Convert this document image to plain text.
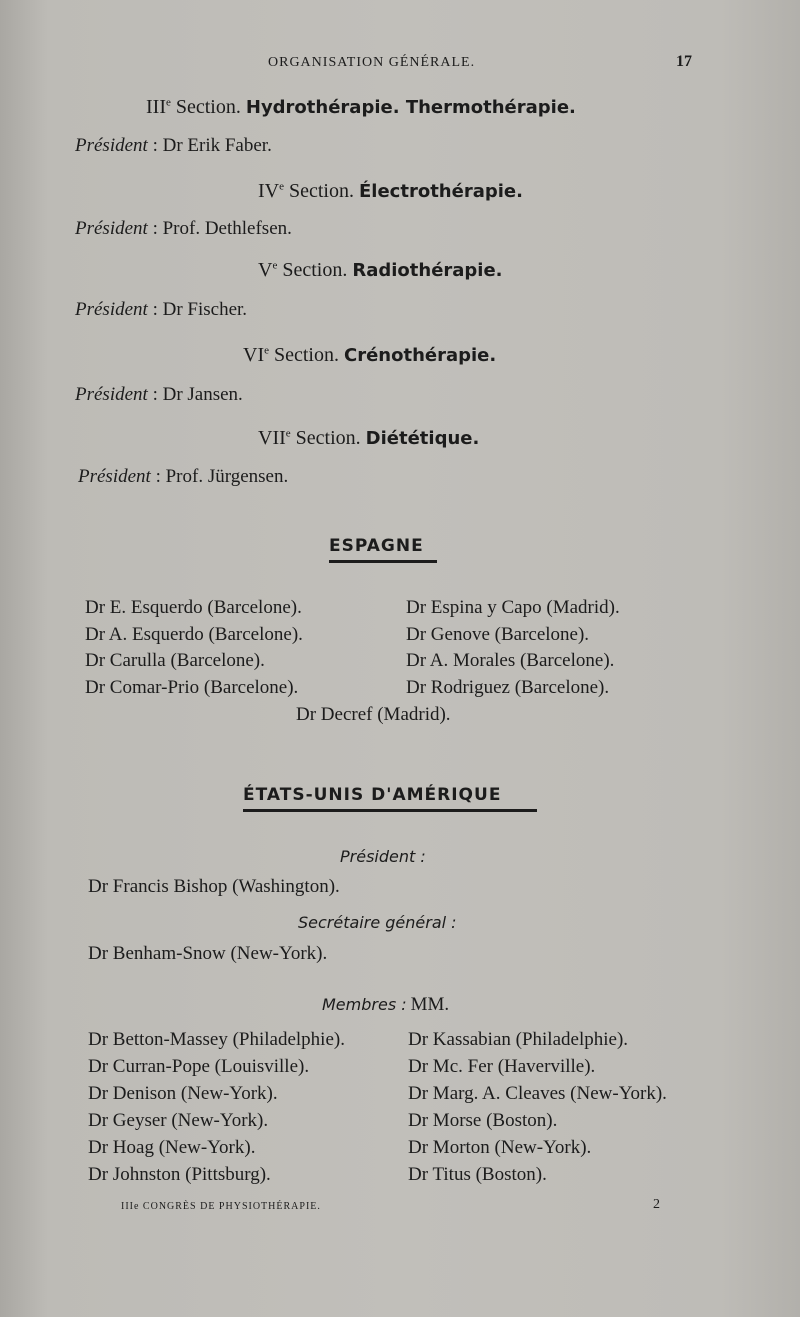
ORGANISATION GÉNÉRALE.	17
IIIe Section. Hydrothérapie. Thermothérapie.
Président : Dr Erik Faber.
IVe Section. Électrothérapie.
Président : Prof. Dethlefsen.
Ve Section. Radiothérapie.
Président : Dr Fischer.
VIe Section. Crénothérapie.
Président : Dr Jansen.
VIIe Section. Diététique.
Président : Prof. Jürgensen.
ESPAGNE
Dr E. Esquerdo (Barcelone).
Dr A. Esquerdo (Barcelone).
Dr Carulla (Barcelone).
Dr Comar-Prio (Barcelone).
Dr Espina y Capo (Madrid).
Dr Genove (Barcelone).
Dr A. Morales (Barcelone).
Dr Rodriguez (Barcelone).
Dr Decref (Madrid).
ÉTATS-UNIS D'AMÉRIQUE
Président :
Dr Francis Bishop (Washington).
Secrétaire général :
Dr Benham-Snow (New-York).
Membres : MM.
Dr Betton-Massey (Philadelphie).
Dr Curran-Pope (Louisville).
Dr Denison (New-York).
Dr Geyser (New-York).
Dr Hoag (New-York).
Dr Johnston (Pittsburg).
Dr Kassabian (Philadelphie).
Dr Mc. Fer (Haverville).
Dr Marg. A. Cleaves (New-York).
Dr Morse (Boston).
Dr Morton (New-York).
Dr Titus (Boston).
IIIe CONGRÈS DE PHYSIOTHÉRAPIE.	2
